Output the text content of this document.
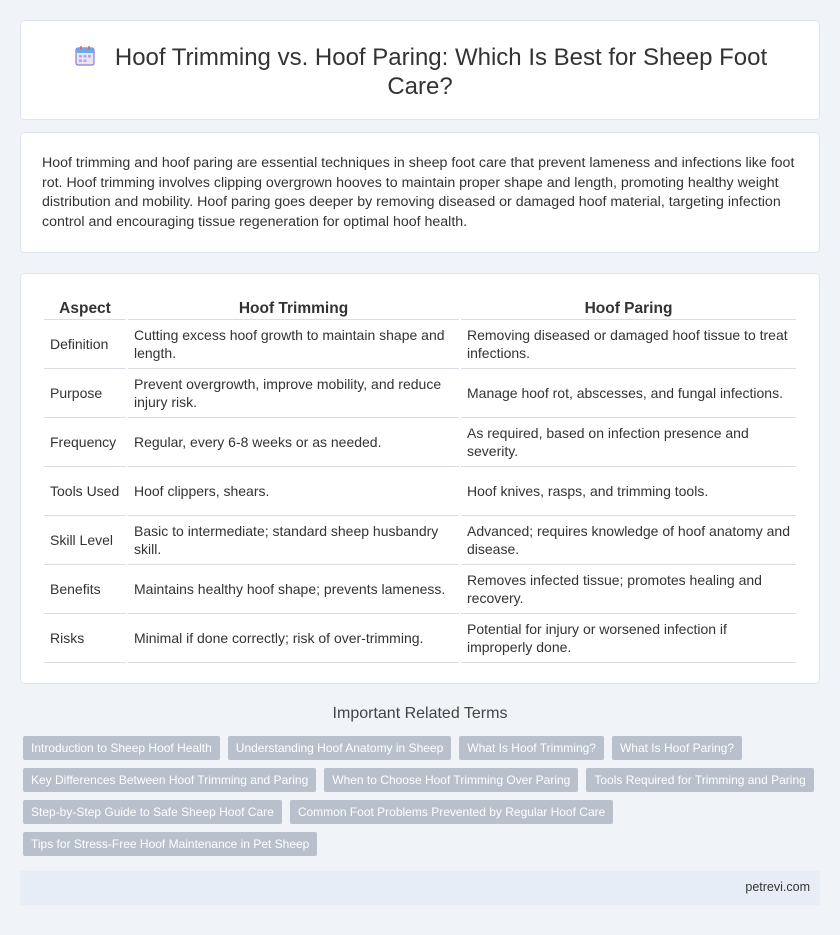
Hoof Trimming vs. Hoof Paring: Which Is Best for Sheep Foot Care?

Hoof trimming and hoof paring are essential techniques in sheep foot care that prevent lameness and infections like foot rot. Hoof trimming involves clipping overgrown hooves to maintain proper shape and length, promoting healthy weight distribution and mobility. Hoof paring goes deeper by removing diseased or damaged hoof material, targeting infection control and encouraging tissue regeneration for optimal hoof health.

Aspect	Hoof Trimming	Hoof Paring
Definition	Cutting excess hoof growth to maintain shape and length.	Removing diseased or damaged hoof tissue to treat infections.
Purpose	Prevent overgrowth, improve mobility, and reduce injury risk.	Manage hoof rot, abscesses, and fungal infections.
Frequency	Regular, every 6-8 weeks or as needed.	As required, based on infection presence and severity.
Tools Used	Hoof clippers, shears.	Hoof knives, rasps, and trimming tools.
Skill Level	Basic to intermediate; standard sheep husbandry skill.	Advanced; requires knowledge of hoof anatomy and disease.
Benefits	Maintains healthy hoof shape; prevents lameness.	Removes infected tissue; promotes healing and recovery.
Risks	Minimal if done correctly; risk of over-trimming.	Potential for injury or worsened infection if improperly done.
Important Related Terms
Introduction to Sheep Hoof Health	Understanding Hoof Anatomy in Sheep	What Is Hoof Trimming?	What Is Hoof Paring?
Key Differences Between Hoof Trimming and Paring	When to Choose Hoof Trimming Over Paring	Tools Required for Trimming and Paring
Step-by-Step Guide to Safe Sheep Hoof Care	Common Foot Problems Prevented by Regular Hoof Care
Tips for Stress-Free Hoof Maintenance in Pet Sheep
petrevi.com
